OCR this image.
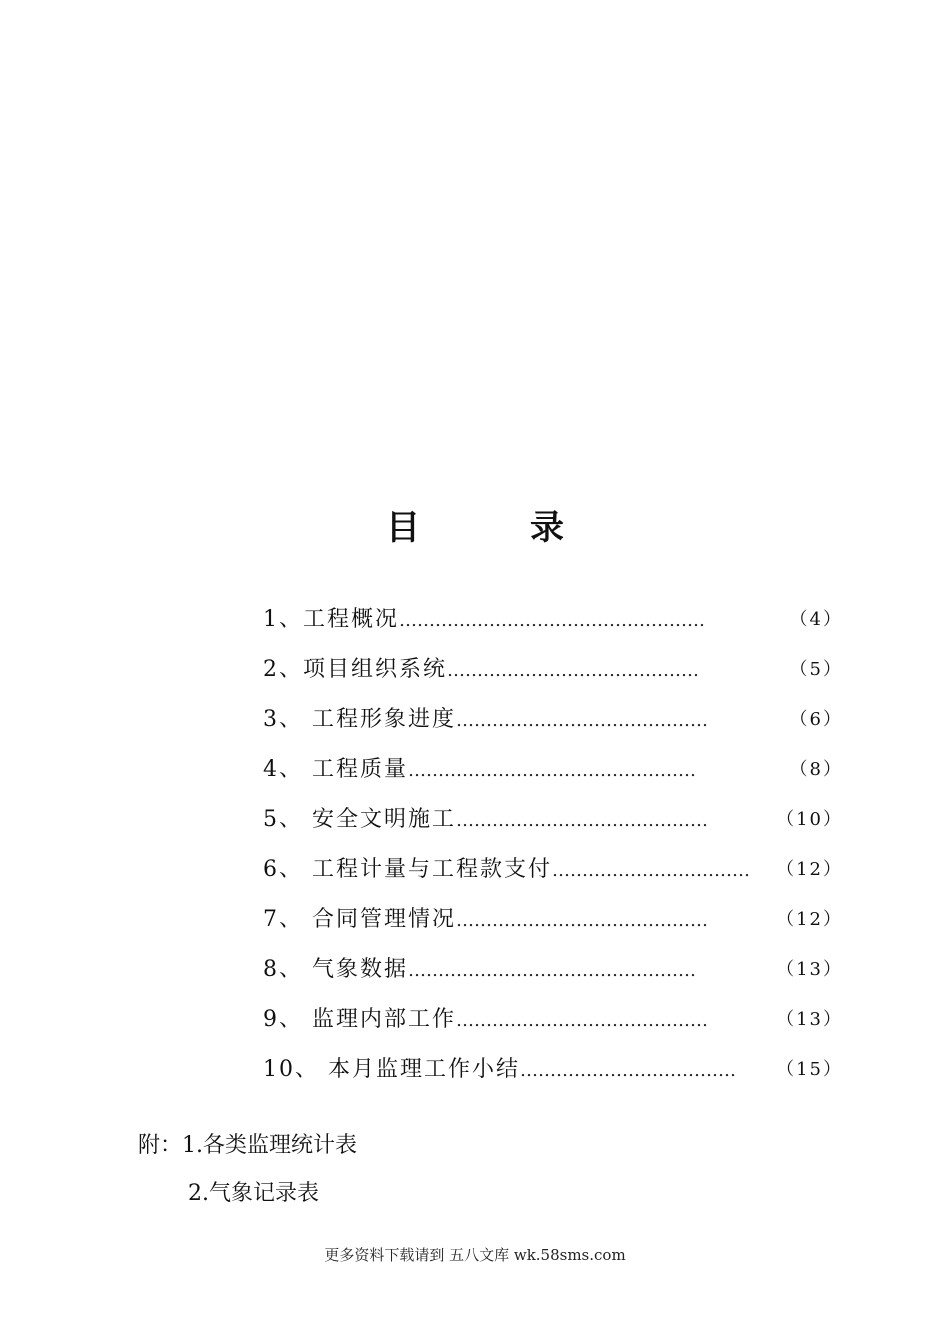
目	录
1、工程概况……………………………………………	（4）
2、项目组织系统……………………………………	（5）
3、 工程形象进度……………………………………	（6）
4、 工程质量…………………………………………	（8）
5、 安全文明施工……………………………………	（10）
6、 工程计量与工程款支付……………………………	（12）
7、 合同管理情况……………………………………	（12）
8、 气象数据…………………………………………	（13）
9、 监理内部工作……………………………………	（13）
10、 本月监理工作小结………………………………	（15）
附：1.各类监理统计表
2.气象记录表
更多资料下载请到 五八文库 wk.58sms.com
